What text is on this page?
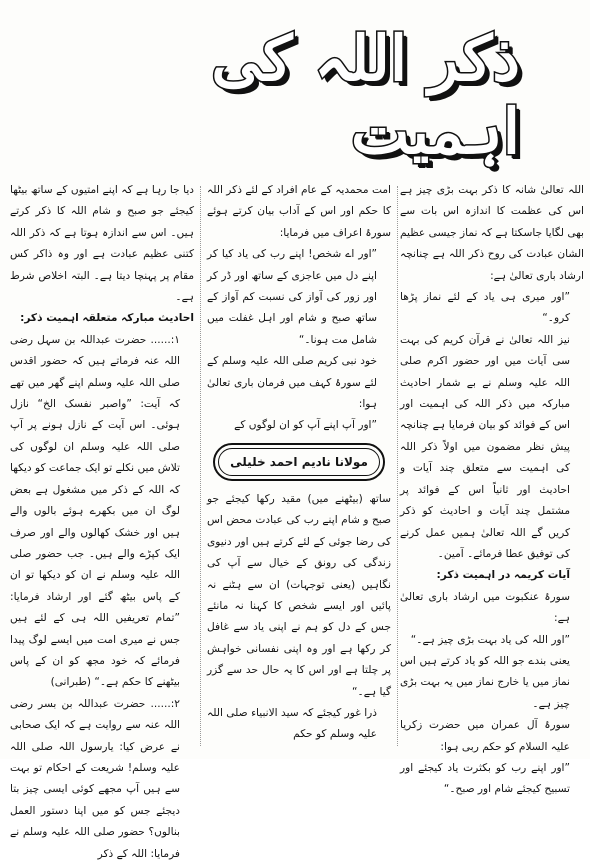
ذکر اللہ کی اہمیت

اللہ تعالیٰ شانہ کا ذکر بہت بڑی چیز ہے اس کی عظمت کا اندازہ اس بات سے بھی لگایا جاسکتا ہے کہ نماز جیسی عظیم الشان عبادت کی روح ذکر اللہ ہے چنانچہ ارشاد باری تعالیٰ ہے:

”اور میری ہی یاد کے لئے نماز پڑھا کرو۔“

نیز اللہ تعالیٰ نے قرآن کریم کی بہت سی آیات میں اور حضور اکرم صلی اللہ علیہ وسلم نے بے شمار احادیث مبارکہ میں ذکر اللہ کی اہمیت اور اس کے فوائد کو بیان فرمایا ہے چنانچہ پیش نظر مضمون میں اولاً ذکر اللہ کی اہمیت سے متعلق چند آیات و احادیث اور ثانیاً اس کے فوائد پر مشتمل چند آیات و احادیث کو ذکر کریں گے اللہ تعالیٰ ہمیں عمل کرنے کی توفیق عطا فرمائے۔ آمین۔

آیات کریمہ در اہمیت ذکر:

سورۂ عنکبوت میں ارشاد باری تعالیٰ ہے:

”اور اللہ کی یاد بہت بڑی چیز ہے۔“

یعنی بندے جو اللہ کو یاد کرتے ہیں اس نماز میں یا خارج نماز میں یہ بہت بڑی چیز ہے۔

سورۂ آل عمران میں حضرت زکریا علیہ السلام کو حکم ربی ہوا:

”اور اپنے رب کو بکثرت یاد کیجئے اور تسبیح کیجئے شام اور صبح۔“

امت محمدیہ کے عام افراد کے لئے ذکر اللہ کا حکم اور اس کے آداب بیان کرتے ہوئے سورۂ اعراف میں فرمایا:

”اور اے شخص! اپنے رب کی یاد کیا کر اپنے دل میں عاجزی کے ساتھ اور ڈر کر اور زور کی آواز کی نسبت کم آواز کے ساتھ صبح و شام اور اہل غفلت میں شامل مت ہونا۔“

خود نبی کریم صلی اللہ علیہ وسلم کے لئے سورۂ کہف میں فرمان باری تعالیٰ ہوا:

”اور آپ اپنے آپ کو ان لوگوں کے

مولانا نادیم احمد خلیلی

ساتھ (بیٹھنے میں) مقید رکھا کیجئے جو صبح و شام اپنے رب کی عبادت محض اس کی رضا جوئی کے لئے کرتے ہیں اور دنیوی زندگی کی رونق کے خیال سے آپ کی نگاہیں (یعنی توجہات) ان سے ہٹنے نہ پائیں اور ایسے شخص کا کہنا نہ مانئے جس کے دل کو ہم نے اپنی یاد سے غافل کر رکھا ہے اور وہ اپنی نفسانی خواہش پر چلتا ہے اور اس کا یہ حال حد سے گزر گیا ہے۔“

ذرا غور کیجئے کہ سید الانبیاء صلی اللہ علیہ وسلم کو حکم

دیا جا رہا ہے کہ اپنے امتیوں کے ساتھ بیٹھا کیجئے جو صبح و شام اللہ کا ذکر کرتے ہیں۔ اس سے اندازہ ہوتا ہے کہ ذکر اللہ کتنی عظیم عبادت ہے اور وہ ذاکر کس مقام پر پہنچا دیتا ہے۔ البتہ اخلاص شرط ہے۔

احادیث مبارکہ متعلقہ اہمیت ذکر:

۱:...... حضرت عبداللہ بن سہل رضی اللہ عنہ فرماتے ہیں کہ حضور اقدس صلی اللہ علیہ وسلم اپنے گھر میں تھے کہ آیت: ”واصبر نفسک الخ“ نازل ہوئی۔ اس آیت کے نازل ہونے پر آپ صلی اللہ علیہ وسلم ان لوگوں کی تلاش میں نکلے تو ایک جماعت کو دیکھا کہ اللہ کے ذکر میں مشغول ہے بعض لوگ ان میں بکھرے ہوئے بالوں والے ہیں اور خشک کھالوں والے اور صرف ایک کپڑے والے ہیں۔ جب حضور صلی اللہ علیہ وسلم نے ان کو دیکھا تو ان کے پاس بیٹھ گئے اور ارشاد فرمایا: ”تمام تعریفیں اللہ ہی کے لئے ہیں جس نے میری امت میں ایسے لوگ پیدا فرمائے کہ خود مجھ کو ان کے پاس بیٹھنے کا حکم ہے۔“ (طبرانی)

۲:...... حضرت عبداللہ بن بسر رضی اللہ عنہ سے روایت ہے کہ ایک صحابی نے عرض کیا: یارسول اللہ صلی اللہ علیہ وسلم! شریعت کے احکام تو بہت سے ہیں آپ مجھے کوئی ایسی چیز بتا دیجئے جس کو میں اپنا دستور العمل بنالوں؟ حضور صلی اللہ علیہ وسلم نے فرمایا: اللہ کے ذکر
